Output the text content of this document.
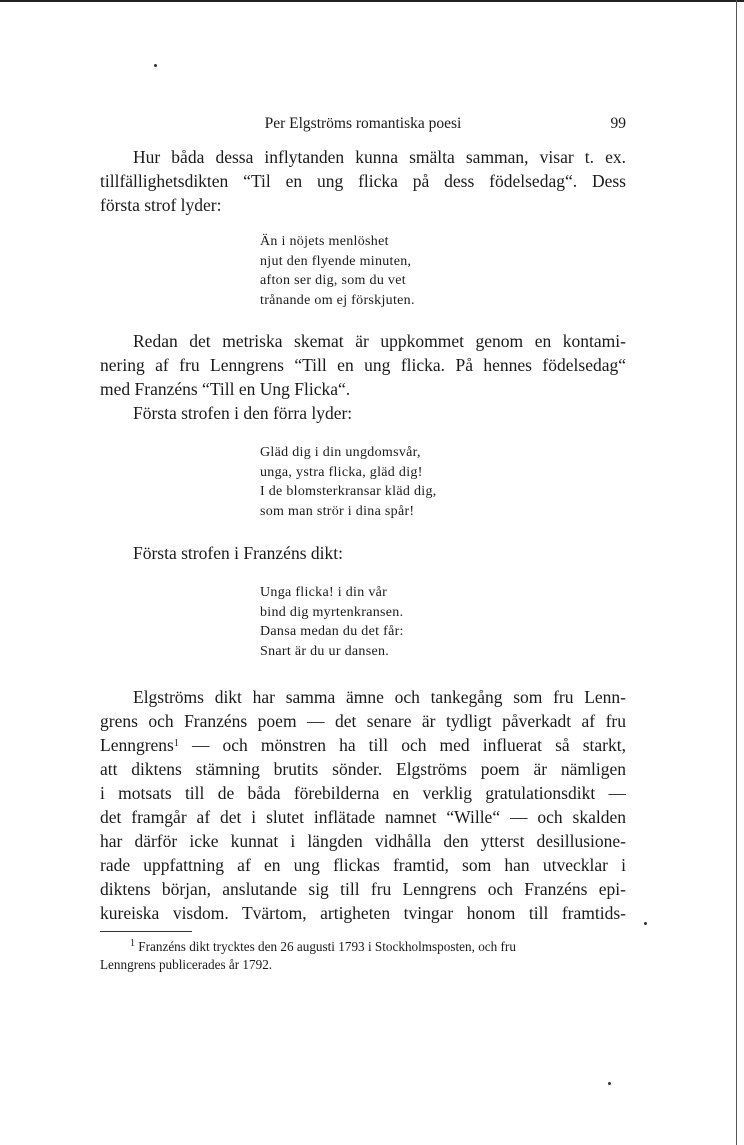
Per Elgströms romantiska poesi	99
Hur båda dessa inflytanden kunna smälta samman, visar t. ex.
tillfällighetsdikten “Til en ung flicka på dess födelsedag“. Dess
första strof lyder:
Än i nöjets menlöshet
njut den flyende minuten,
afton ser dig, som du vet
trånande om ej förskjuten.
Redan det metriska skemat är uppkommet genom en kontami-
nering af fru Lenngrens “Till en ung flicka. På hennes födelsedag“
med Franzéns “Till en Ung Flicka“.
Första strofen i den förra lyder:
Gläd dig i din ungdomsvår,
unga, ystra flicka, gläd dig!
I de blomsterkransar kläd dig,
som man strör i dina spår!
Första strofen i Franzéns dikt:
Unga flicka! i din vår
bind dig myrtenkransen.
Dansa medan du det får:
Snart är du ur dansen.
Elgströms dikt har samma ämne och tankegång som fru Lenn-
grens och Franzéns poem — det senare är tydligt påverkadt af fru
Lenngrens$^1$ — och mönstren ha till och med influerat så starkt,
att diktens stämning brutits sönder. Elgströms poem är nämligen
i motsats till de båda förebilderna en verklig gratulationsdikt —
det framgår af det i slutet inflätade namnet “Wille“ — och skalden
har därför icke kunnat i längden vidhålla den ytterst desillusione-
rade uppfattning af en ung flickas framtid, som han utvecklar i
diktens början, anslutande sig till fru Lenngrens och Franzéns epi-
kureiska visdom. Tvärtom, artigheten tvingar honom till framtids-
$^1$ Franzéns dikt trycktes den 26 augusti 1793 i Stockholmsposten, och fru
Lenngrens publicerades år 1792.
